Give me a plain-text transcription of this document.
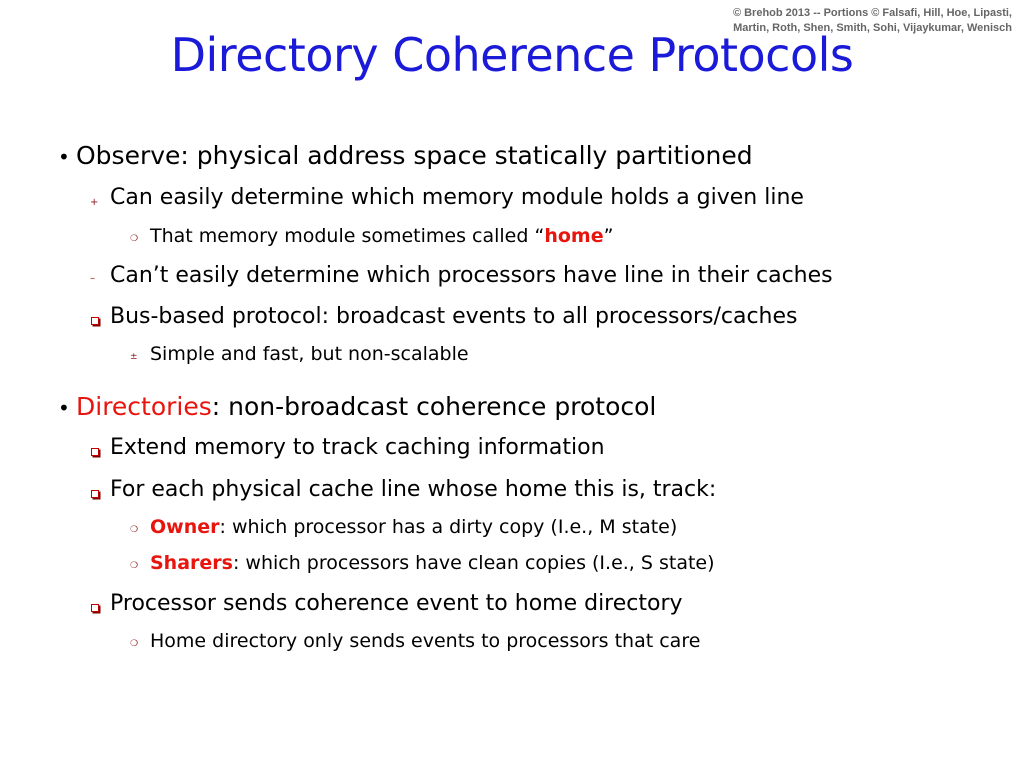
© Brehob 2013 -- Portions © Falsafi, Hill, Hoe, Lipasti,
Martin, Roth, Shen, Smith, Sohi, Vijaykumar, Wenisch
Directory Coherence Protocols
• Observe: physical address space statically partitioned
+ Can easily determine which memory module holds a given line
❍ That memory module sometimes called “home”
– Can’t easily determine which processors have line in their caches
Bus-based protocol: broadcast events to all processors/caches
± Simple and fast, but non-scalable
• Directories: non-broadcast coherence protocol
Extend memory to track caching information
For each physical cache line whose home this is, track:
❍ Owner: which processor has a dirty copy (I.e., M state)
❍ Sharers: which processors have clean copies (I.e., S state)
Processor sends coherence event to home directory
❍ Home directory only sends events to processors that care
